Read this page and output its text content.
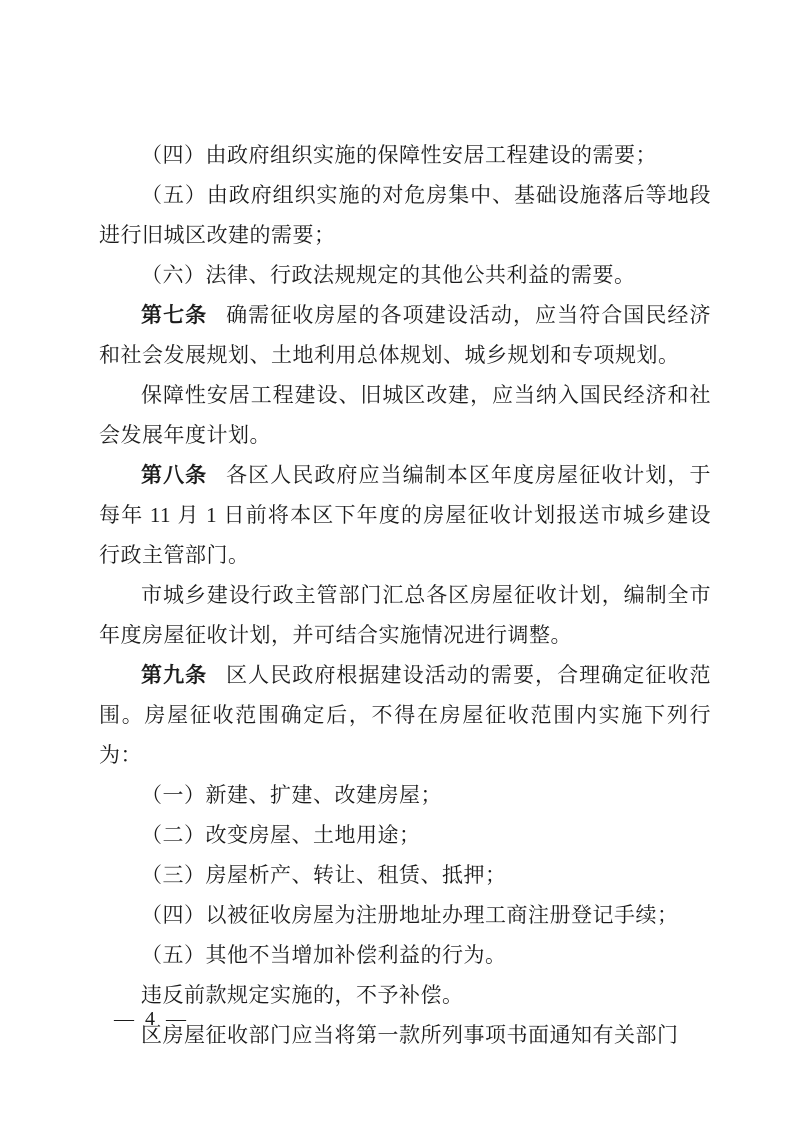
（四）由政府组织实施的保障性安居工程建设的需要；

（五）由政府组织实施的对危房集中、基础设施落后等地段进行旧城区改建的需要；

（六）法律、行政法规规定的其他公共利益的需要。

第七条 确需征收房屋的各项建设活动，应当符合国民经济和社会发展规划、土地利用总体规划、城乡规划和专项规划。

保障性安居工程建设、旧城区改建，应当纳入国民经济和社会发展年度计划。

第八条 各区人民政府应当编制本区年度房屋征收计划，于每年 11 月 1 日前将本区下年度的房屋征收计划报送市城乡建设行政主管部门。

市城乡建设行政主管部门汇总各区房屋征收计划，编制全市年度房屋征收计划，并可结合实施情况进行调整。

第九条 区人民政府根据建设活动的需要，合理确定征收范围。房屋征收范围确定后，不得在房屋征收范围内实施下列行为：

（一）新建、扩建、改建房屋；

（二）改变房屋、土地用途；

（三）房屋析产、转让、租赁、抵押；

（四）以被征收房屋为注册地址办理工商注册登记手续；

（五）其他不当增加补偿利益的行为。

违反前款规定实施的，不予补偿。

区房屋征收部门应当将第一款所列事项书面通知有关部门

— 4 —
